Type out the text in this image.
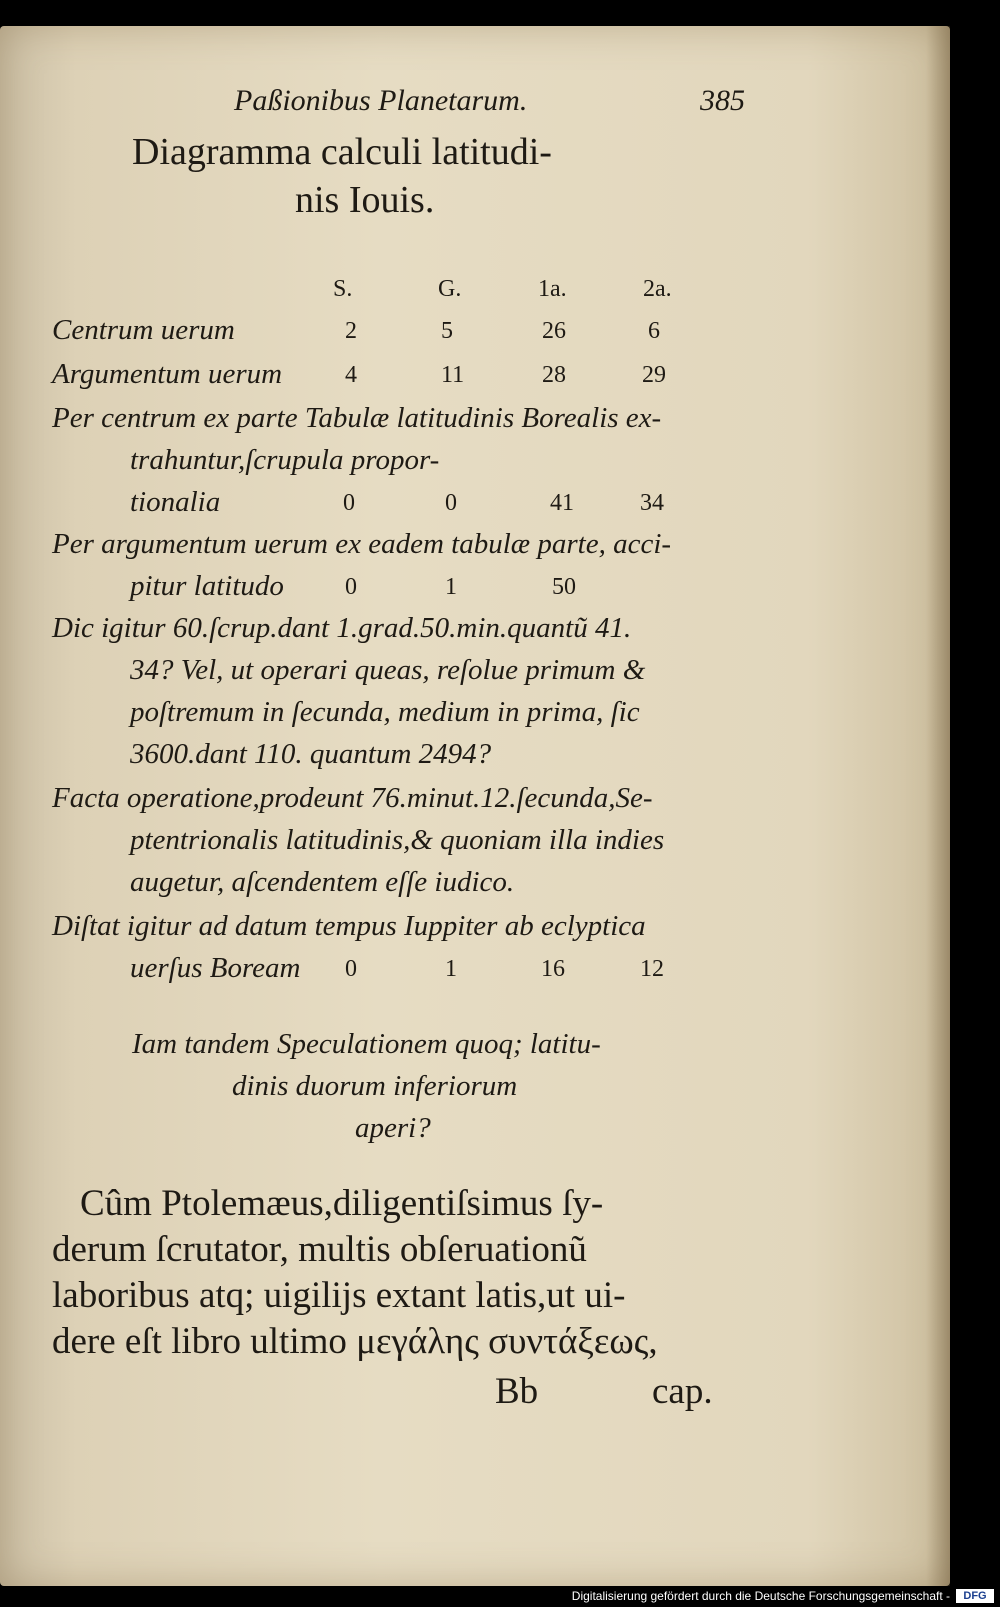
Paßionibus Planetarum.	385
Diagramma calculi latitudi-
nis Iouis.
S.	G.	1a.	2a.
Centrum uerum	2	5	26	6
Argumentum uerum	4	11	28	29
Per centrum ex parte Tabulæ latitudinis Borealis ex-
trahuntur,ſcrupula propor-
tionalia	0	0	41	34
Per argumentum uerum ex eadem tabulæ parte, acci-
pitur latitudo	0	1	50
Dic igitur 60.ſcrup.dant 1.grad.50.min.quantũ 41.
34? Vel, ut operari queas, reſolue primum &
poſtremum in ſecunda, medium in prima, ſic
3600.dant 110. quantum 2494?
Facta operatione,prodeunt 76.minut.12.ſecunda,Se-
ptentrionalis latitudinis,& quoniam illa indies
augetur, aſcendentem eſſe iudico.
Diſtat igitur ad datum tempus Iuppiter ab eclyptica
uerſus Boream 0	1	16	12
Iam tandem Speculationem quoq; latitu-
dinis duorum inferiorum
aperi?
Cûm Ptolemæus,diligentiſsimus ſy-
derum ſcrutator, multis obſeruationũ
laboribus atq; uigilijs extant latis,ut ui-
dere eſt libro ultimo μεγάλης συντάξεως,
Bb	cap.
Digitalisierung gefördert durch die Deutsche Forschungsgemeinschaft -	DFG
